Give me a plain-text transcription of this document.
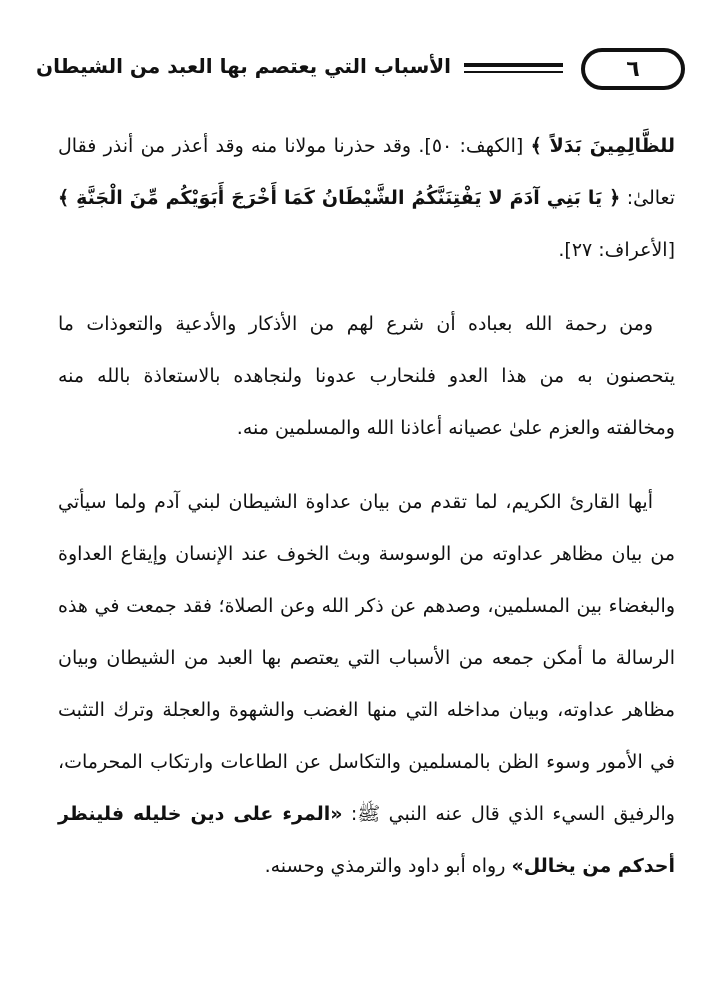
الأسباب التي يعتصم بها العبد من الشيطان	٦

للظَّالِمِينَ بَدَلاً ﴾ [الكهف: ٥٠]. وقد حذرنا مولانا منه وقد أعذر من أنذر فقال تعالىٰ: ﴿ يَا بَنِي آدَمَ لا يَفْتِنَنَّكُمُ الشَّيْطَانُ كَمَا أَخْرَجَ أَبَوَيْكُم مِّنَ الْجَنَّةِ ﴾ [الأعراف: ٢٧].

ومن رحمة الله بعباده أن شرع لهم من الأذكار والأدعية والتعوذات ما يتحصنون به من هذا العدو فلنحارب عدونا ولنجاهده بالاستعاذة بالله منه ومخالفته والعزم علىٰ عصيانه أعاذنا الله والمسلمين منه.

أيها القارئ الكريم، لما تقدم من بيان عداوة الشيطان لبني آدم ولما سيأتي من بيان مظاهر عداوته من الوسوسة وبث الخوف عند الإنسان وإيقاع العداوة والبغضاء بين المسلمين، وصدهم عن ذكر الله وعن الصلاة؛ فقد جمعت في هذه الرسالة ما أمكن جمعه من الأسباب التي يعتصم بها العبد من الشيطان وبيان مظاهر عداوته، وبيان مداخله التي منها الغضب والشهوة والعجلة وترك التثبت في الأمور وسوء الظن بالمسلمين والتكاسل عن الطاعات وارتكاب المحرمات، والرفيق السيء الذي قال عنه النبي ﷺ: «المرء على دين خليله فلينظر أحدكم من يخالل» رواه أبو داود والترمذي وحسنه.
